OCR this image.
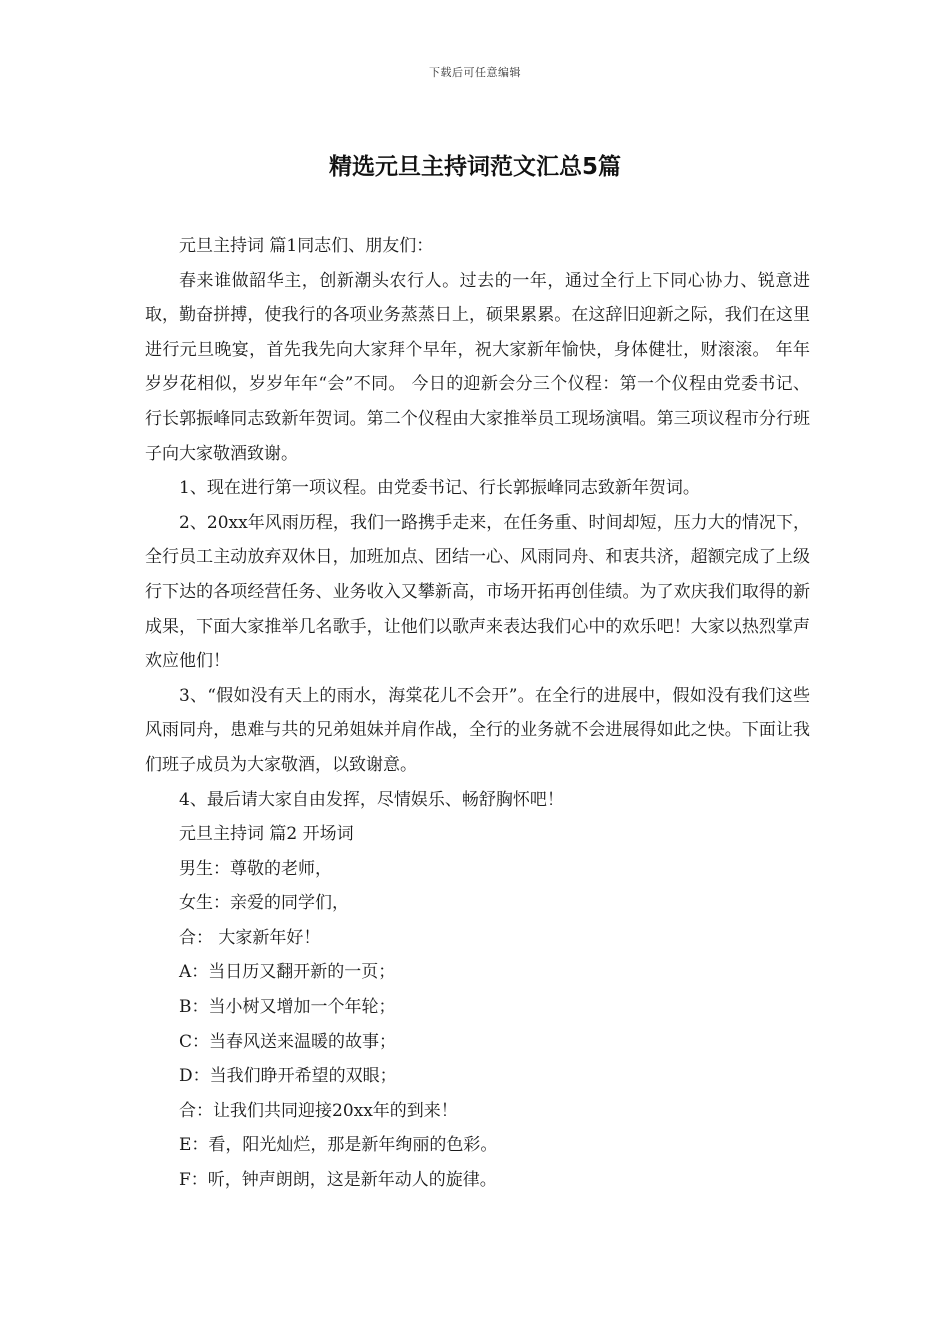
下载后可任意编辑
精选元旦主持词范文汇总5篇

元旦主持词 篇1同志们、朋友们：

春来谁做韶华主，创新潮头农行人。过去的一年，通过全行上下同心协力、锐意进取，勤奋拼搏，使我行的各项业务蒸蒸日上，硕果累累。在这辞旧迎新之际，我们在这里进行元旦晚宴，首先我先向大家拜个早年，祝大家新年愉快，身体健壮，财滚滚。 年年岁岁花相似，岁岁年年“会”不同。 今日的迎新会分三个仪程：第一个仪程由党委书记、行长郭振峰同志致新年贺词。第二个仪程由大家推举员工现场演唱。第三项议程市分行班子向大家敬酒致谢。

1、现在进行第一项议程。由党委书记、行长郭振峰同志致新年贺词。

2、20xx年风雨历程，我们一路携手走来，在任务重、时间却短，压力大的情况下，全行员工主动放弃双休日，加班加点、团结一心、风雨同舟、和衷共济，超额完成了上级行下达的各项经营任务、业务收入又攀新高，市场开拓再创佳绩。为了欢庆我们取得的新成果，下面大家推举几名歌手，让他们以歌声来表达我们心中的欢乐吧！大家以热烈掌声欢应他们！

3、“假如没有天上的雨水，海棠花儿不会开”。在全行的进展中，假如没有我们这些风雨同舟，患难与共的兄弟姐妹并肩作战，全行的业务就不会进展得如此之快。下面让我们班子成员为大家敬酒，以致谢意。

4、最后请大家自由发挥，尽情娱乐、畅舒胸怀吧！

元旦主持词 篇2 开场词

男生：尊敬的老师，

女生：亲爱的同学们，

合： 大家新年好！

A：当日历又翻开新的一页；

B：当小树又增加一个年轮；

C：当春风送来温暖的故事；

D：当我们睁开希望的双眼；

合：让我们共同迎接20xx年的到来！

E：看，阳光灿烂，那是新年绚丽的色彩。

F：听，钟声朗朗，这是新年动人的旋律。
